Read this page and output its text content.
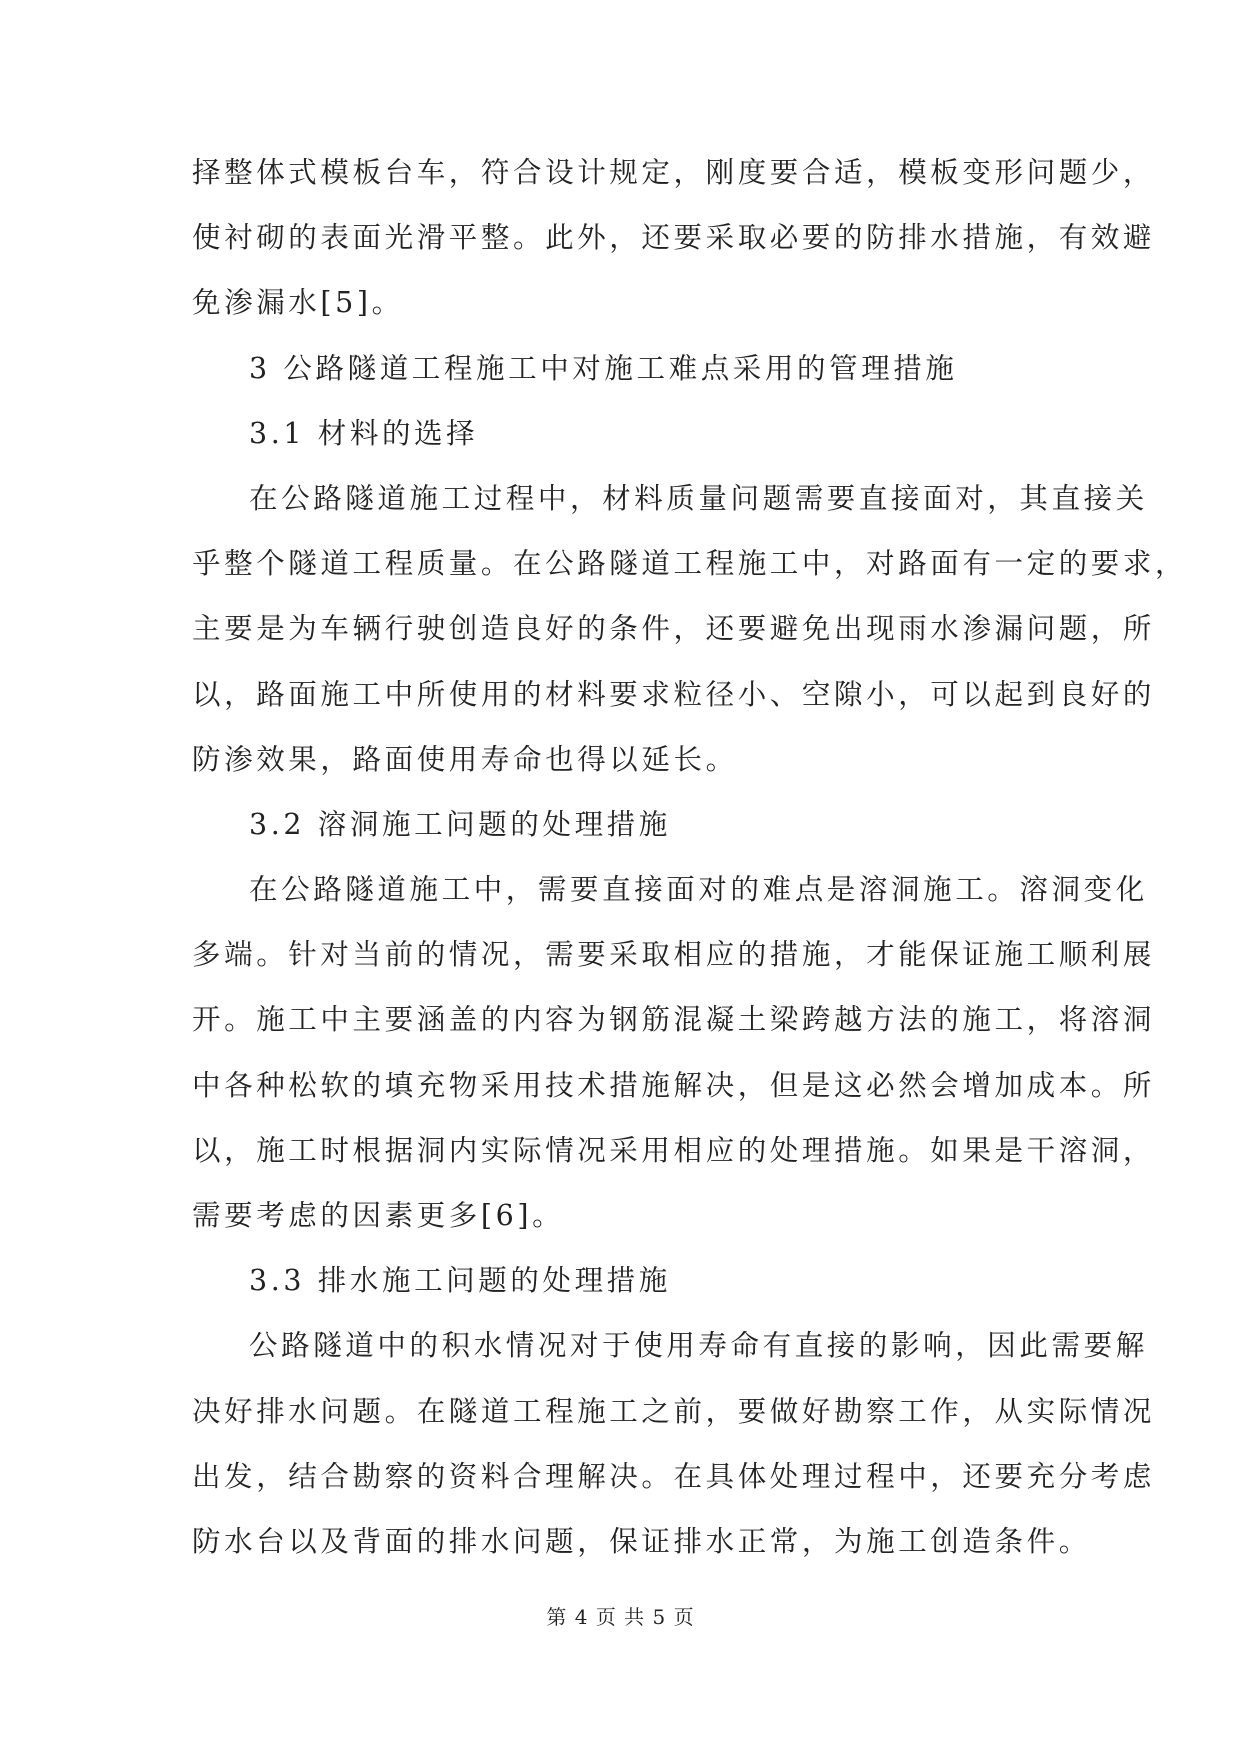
择整体式模板台车，符合设计规定，刚度要合适，模板变形问题少，
使衬砌的表面光滑平整。此外，还要采取必要的防排水措施，有效避
免渗漏水[5]。
3 公路隧道工程施工中对施工难点采用的管理措施
3.1 材料的选择
在公路隧道施工过程中，材料质量问题需要直接面对，其直接关
乎整个隧道工程质量。在公路隧道工程施工中，对路面有一定的要求，
主要是为车辆行驶创造良好的条件，还要避免出现雨水渗漏问题，所
以，路面施工中所使用的材料要求粒径小、空隙小，可以起到良好的
防渗效果，路面使用寿命也得以延长。
3.2 溶洞施工问题的处理措施
在公路隧道施工中，需要直接面对的难点是溶洞施工。溶洞变化
多端。针对当前的情况，需要采取相应的措施，才能保证施工顺利展
开。施工中主要涵盖的内容为钢筋混凝土梁跨越方法的施工，将溶洞
中各种松软的填充物采用技术措施解决，但是这必然会增加成本。所
以，施工时根据洞内实际情况采用相应的处理措施。如果是干溶洞，
需要考虑的因素更多[6]。
3.3 排水施工问题的处理措施
公路隧道中的积水情况对于使用寿命有直接的影响，因此需要解
决好排水问题。在隧道工程施工之前，要做好勘察工作，从实际情况
出发，结合勘察的资料合理解决。在具体处理过程中，还要充分考虑
防水台以及背面的排水问题，保证排水正常，为施工创造条件。
第 4 页 共 5 页
